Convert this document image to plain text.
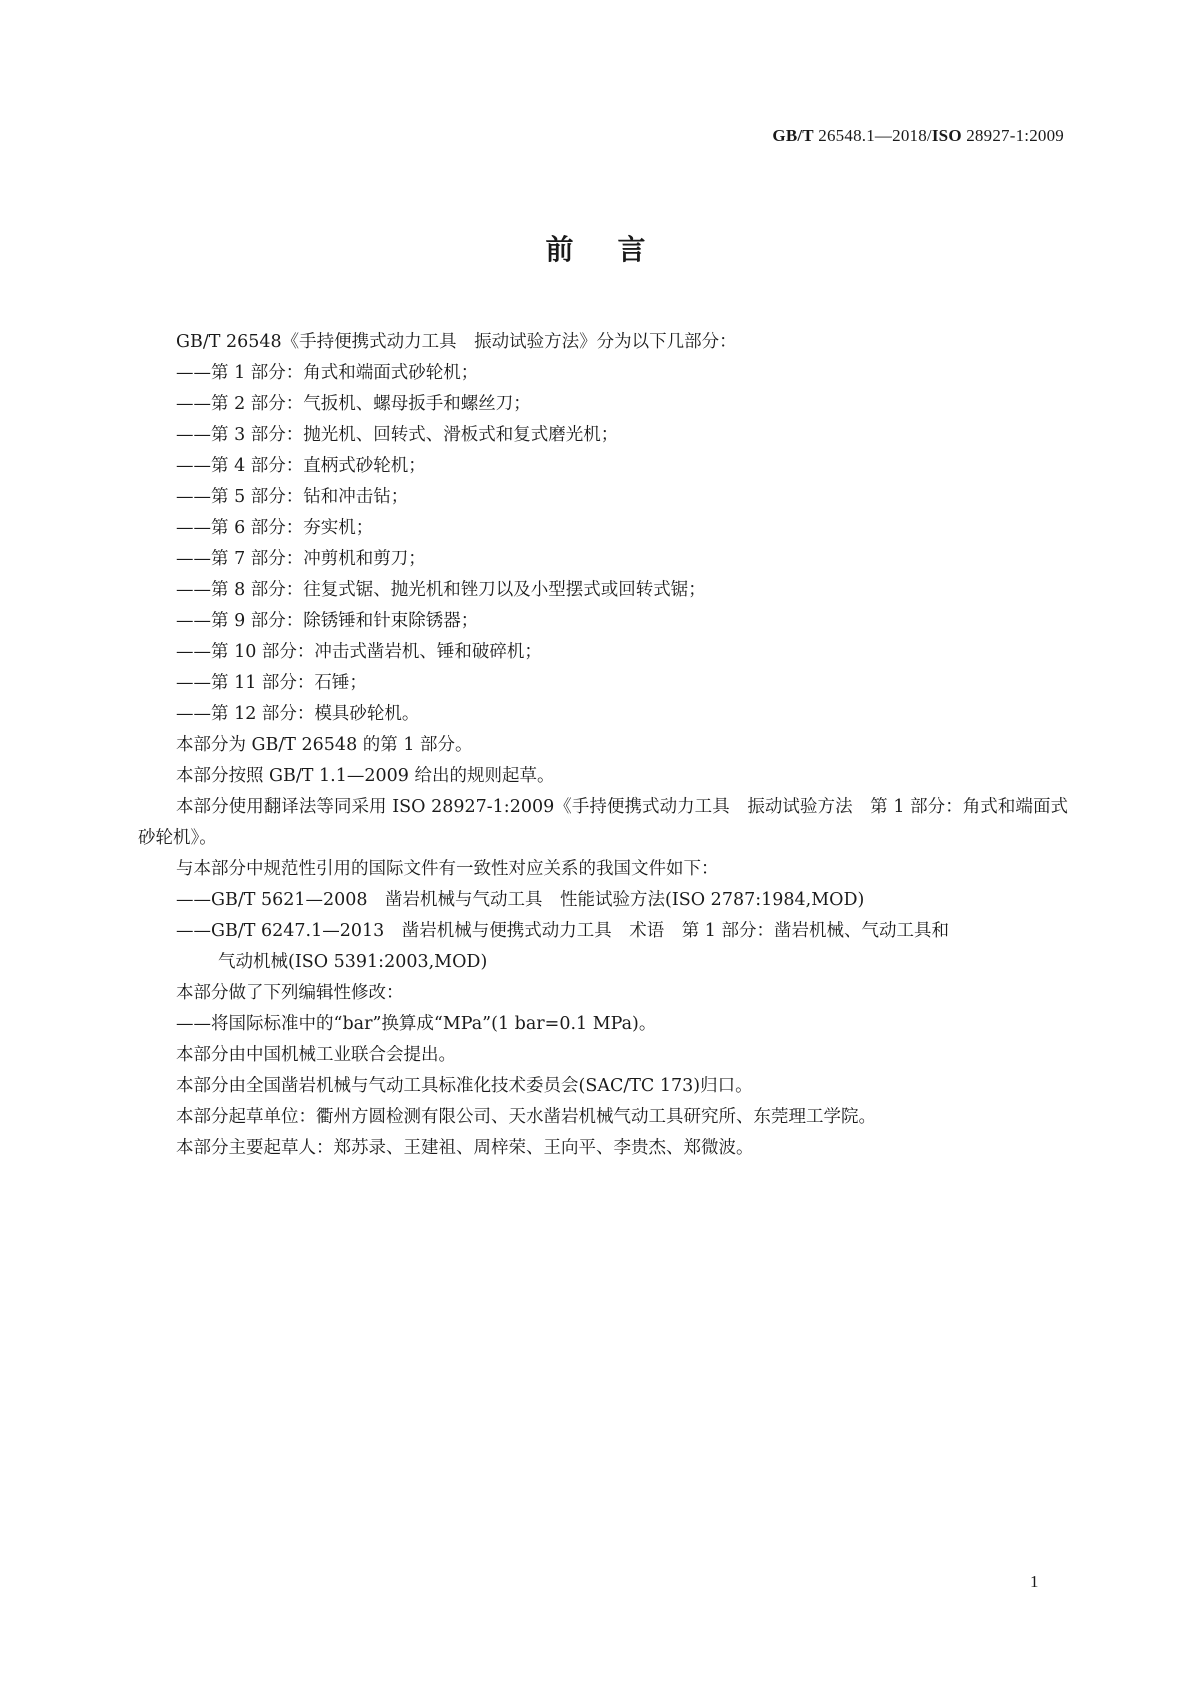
GB/T 26548.1—2018/ISO 28927-1:2009
前言

GB/T 26548《手持便携式动力工具　振动试验方法》分为以下几部分：

——第 1 部分：角式和端面式砂轮机；

——第 2 部分：气扳机、螺母扳手和螺丝刀；

——第 3 部分：抛光机、回转式、滑板式和复式磨光机；

——第 4 部分：直柄式砂轮机；

——第 5 部分：钻和冲击钻；

——第 6 部分：夯实机；

——第 7 部分：冲剪机和剪刀；

——第 8 部分：往复式锯、抛光机和锉刀以及小型摆式或回转式锯；

——第 9 部分：除锈锤和针束除锈器；

——第 10 部分：冲击式凿岩机、锤和破碎机；

——第 11 部分：石锤；

——第 12 部分：模具砂轮机。

本部分为 GB/T 26548 的第 1 部分。

本部分按照 GB/T 1.1—2009 给出的规则起草。

本部分使用翻译法等同采用 ISO 28927-1:2009《手持便携式动力工具　振动试验方法　第 1 部分：角式和端面式砂轮机》。

与本部分中规范性引用的国际文件有一致性对应关系的我国文件如下：

——GB/T 5621—2008　凿岩机械与气动工具　性能试验方法(ISO 2787:1984,MOD)

——GB/T 6247.1—2013　凿岩机械与便携式动力工具　术语　第 1 部分：凿岩机械、气动工具和

气动机械(ISO 5391:2003,MOD)

本部分做了下列编辑性修改：

——将国际标准中的“bar”换算成“MPa”(1 bar=0.1 MPa)。

本部分由中国机械工业联合会提出。

本部分由全国凿岩机械与气动工具标准化技术委员会(SAC/TC 173)归口。

本部分起草单位：衢州方圆检测有限公司、天水凿岩机械气动工具研究所、东莞理工学院。

本部分主要起草人：郑苏录、王建祖、周梓荣、王向平、李贵杰、郑微波。

1
